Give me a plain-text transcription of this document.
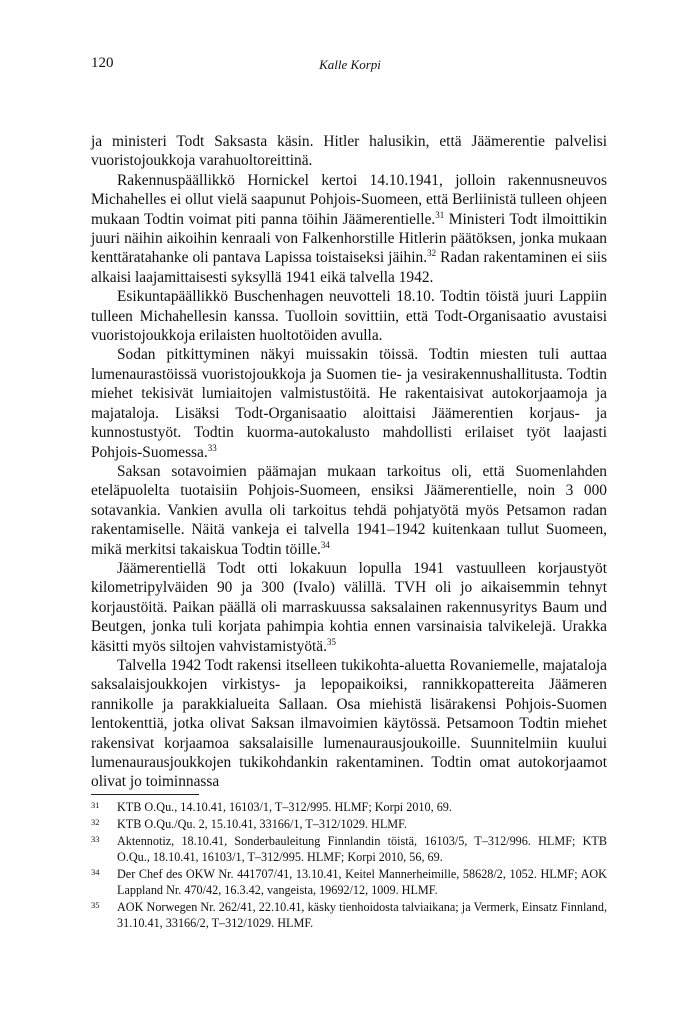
120	Kalle Korpi

ja ministeri Todt Saksasta käsin. Hitler halusikin, että Jäämerentie palvelisi vuoristojoukkoja varahuoltoreittinä.

Rakennuspäällikkö Hornickel kertoi 14.10.1941, jolloin rakennusneuvos Michahelles ei ollut vielä saapunut Pohjois-Suomeen, että Berliinistä tulleen ohjeen mukaan Todtin voimat piti panna töihin Jäämerentielle.$^{31}$ Ministeri Todt ilmoittikin juuri näihin aikoihin kenraali von Falkenhorstille Hitlerin päätöksen, jonka mukaan kenttäratahanke oli pantava Lapissa toistaiseksi jäihin.$^{32}$ Radan rakentaminen ei siis alkaisi laajamittaisesti syksyllä 1941 eikä talvella 1942.

Esikuntapäällikkö Buschenhagen neuvotteli 18.10. Todtin töistä juuri Lappiin tulleen Michahellesin kanssa. Tuolloin sovittiin, että Todt-Organisaatio avustaisi vuoristojoukkoja erilaisten huoltotöiden avulla.

Sodan pitkittyminen näkyi muissakin töissä. Todtin miesten tuli auttaa lumenaurastöissä vuoristojoukkoja ja Suomen tie- ja vesirakennushallitusta. Todtin miehet tekisivät lumiaitojen valmistustöitä. He rakentaisivat autokorjaamoja ja majataloja. Lisäksi Todt-Organisaatio aloittaisi Jäämerentien korjaus- ja kunnostustyöt. Todtin kuorma-autokalusto mahdollisti erilaiset työt laajasti Pohjois-Suomessa.$^{33}$

Saksan sotavoimien päämajan mukaan tarkoitus oli, että Suomenlahden eteläpuolelta tuotaisiin Pohjois-Suomeen, ensiksi Jäämerentielle, noin 3 000 sotavankia. Vankien avulla oli tarkoitus tehdä pohjatyötä myös Petsamon radan rakentamiselle. Näitä vankeja ei talvella 1941–1942 kuitenkaan tullut Suomeen, mikä merkitsi takaiskua Todtin töille.$^{34}$

Jäämerentiellä Todt otti lokakuun lopulla 1941 vastuulleen korjaustyöt kilometripylväiden 90 ja 300 (Ivalo) välillä. TVH oli jo aikaisemmin tehnyt korjaustöitä. Paikan päällä oli marraskuussa saksalainen rakennusyritys Baum und Beutgen, jonka tuli korjata pahimpia kohtia ennen varsinaisia talvikelejä. Urakka käsitti myös siltojen vahvistamistyötä.$^{35}$

Talvella 1942 Todt rakensi itselleen tukikohta-aluetta Rovaniemelle, majataloja saksalaisjoukkojen virkistys- ja lepopaikoiksi, rannikkopattereita Jäämeren rannikolle ja parakkialueita Sallaan. Osa miehistä lisärakensi Pohjois-Suomen lentokenttiä, jotka olivat Saksan ilmavoimien käytössä. Petsamoon Todtin miehet rakensivat korjaamoa saksalaisille lumenaurausjoukoille. Suunnitelmiin kuului lumenaurausjoukkojen tukikohdankin rakentaminen. Todtin omat autokorjaamot olivat jo toiminnassa

31 KTB O.Qu., 14.10.41, 16103/1, T–312/995. HLMF; Korpi 2010, 69.
32 KTB O.Qu./Qu. 2, 15.10.41, 33166/1, T–312/1029. HLMF.
33 Aktennotiz, 18.10.41, Sonderbauleitung Finnlandin töistä, 16103/5, T–312/996. HLMF; KTB O.Qu., 18.10.41, 16103/1, T–312/995. HLMF; Korpi 2010, 56, 69.
34 Der Chef des OKW Nr. 441707/41, 13.10.41, Keitel Mannerheimille, 58628/2, 1052. HLMF; AOK Lappland Nr. 470/42, 16.3.42, vangeista, 19692/12, 1009. HLMF.
35 AOK Norwegen Nr. 262/41, 22.10.41, käsky tienhoidosta talviaikana; ja Vermerk, Einsatz Finnland, 31.10.41, 33166/2, T–312/1029. HLMF.
